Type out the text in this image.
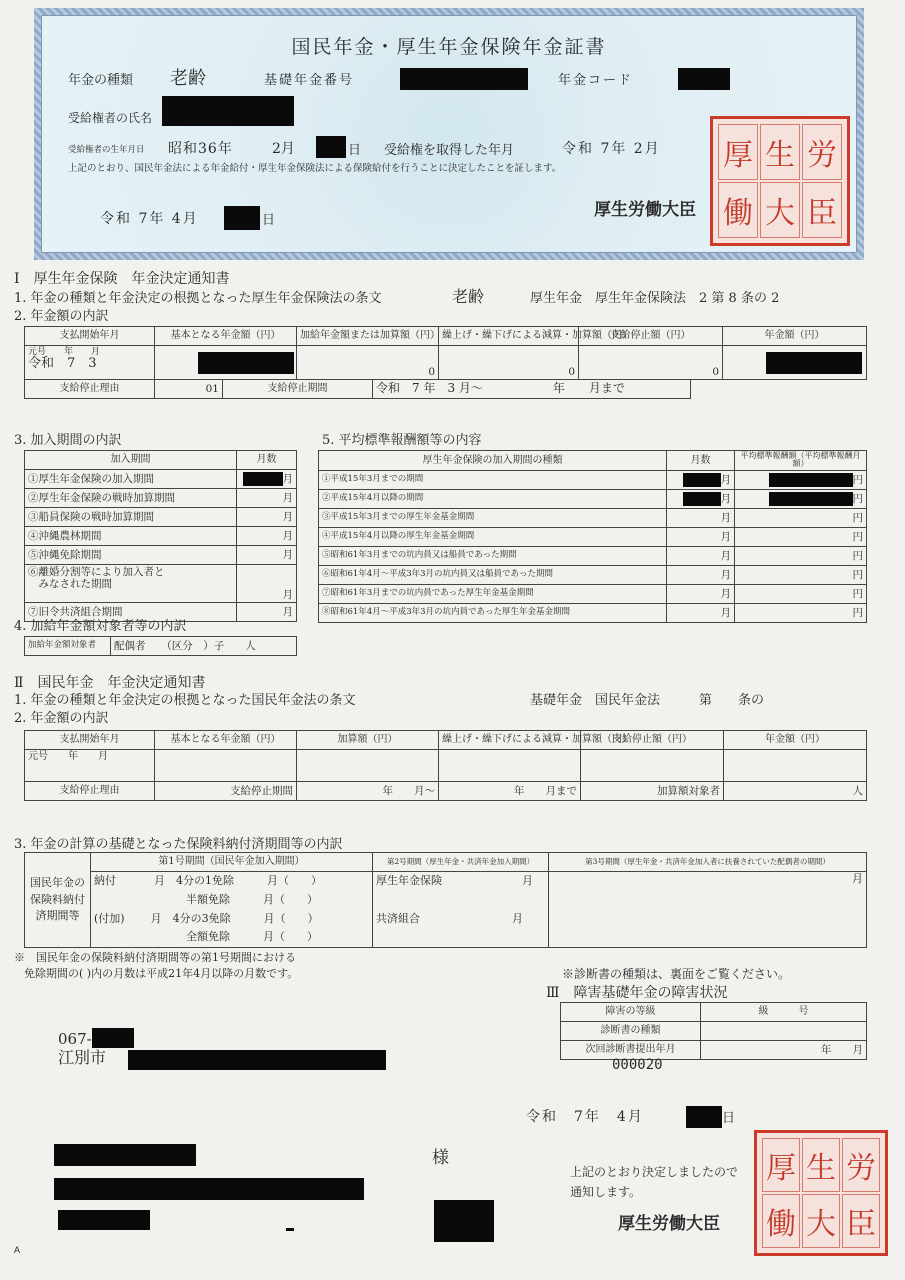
国民年金・厚生年金保険年金証書
年金の種類 老齢	基礎年金番号	年金コード
受給権者の氏名
受給権者の生年月日 昭和36年	2月	日 受給権を取得した年月	令和 7年 2月
上記のとおり、国民年金法による年金給付・厚生年金保険法による保険給付を行うことに決定したことを証します。
令和 7年 4月	日
厚生労働大臣
厚 生 労
働 大 臣
Ⅰ　厚生年金保険　年金決定通知書
1. 年金の種類と年金決定の根拠となった厚生年金保険法の条文	老齢	厚生年金　厚生年金保険法　2 第 8 条の 2
2. 年金額の内訳
支払開始年月	基本となる年金額（円）	加給年金額または加算額（円）	繰上げ・繰下げによる減算・加算額（円）	支給停止額（円）	年金額（円）

元号　　年　　月
令和　7　3		0	0	0	
支給停止理由	01	支給停止期間	令和　7 年　3 月〜	年　　月まで
3. 加入期間の内訳
加入期間	月数
①厚生年金保険の加入期間	月
②厚生年金保険の戦時加算期間	月
③船員保険の戦時加算期間	月
④沖縄農林期間	月
⑤沖縄免除期間	月

⑥離婚分割等により加入者と
　みなされた期間	月
⑦旧令共済組合期間	月
4. 加給年金額対象者等の内訳
加給年金額対象者	配偶者　　（区分　）子　　人
5. 平均標準報酬額等の内容
厚生年金保険の加入期間の種類	月数	平均標準報酬額（平均標準報酬月額）
①平成15年3月までの期間	月	円
②平成15年4月以降の期間	月	円
③平成15年3月までの厚生年金基金期間	月	円
④平成15年4月以降の厚生年金基金期間	月	円
⑤昭和61年3月までの坑内員又は船員であった期間	月	円
⑥昭和61年4月〜平成3年3月の坑内員又は船員であった期間	月	円
⑦昭和61年3月までの坑内員であった厚生年金基金期間	月	円
⑧昭和61年4月〜平成3年3月の坑内員であった厚生年金基金期間	月	円
Ⅱ　国民年金　年金決定通知書
1. 年金の種類と年金決定の根拠となった国民年金法の条文	基礎年金　国民年金法　　　第　　条の
2. 年金額の内訳
支払開始年月	基本となる年金額（円）	加算額（円）	繰上げ・繰下げによる減算・加算額（円）	支給停止額（円）	年金額（円）
元号　　年　　月					
支給停止理由	支給停止期間	年　　月〜	年　　月まで	加算額対象者	人
3. 年金の計算の基礎となった保険料納付済期間等の内訳
国民年金の保険料納付済期間等	第1号期間（国民年金加入期間）	第2号期間（厚生年金・共済年金加入期間）	第3号期間（厚生年金・共済年金加入者に扶養されていた配偶者の期間）
	納付 月　4分の1免除　　　月（　　）	厚生年金保険 月	月
	半額免除　　　月（　　）		
	(付加) 月　4分の3免除　　　月（　　）	共済組合 月	
	全額免除　　　月（　　）		
※　国民年金の保険料納付済期間等の第1号期間における
免除期間の( )内の月数は平成21年4月以降の月数です。	※診断書の種類は、裏面をご覧ください。
Ⅲ　障害基礎年金の障害状況
障害の等級	級　　　号
診断書の種類	
次回診断書提出年月	年　　月
000020
067-
江別市
様
令和　7年　4月	日
上記のとおり決定しましたので
通知します。
厚生労働大臣
厚 生 労
働 大 臣
A
